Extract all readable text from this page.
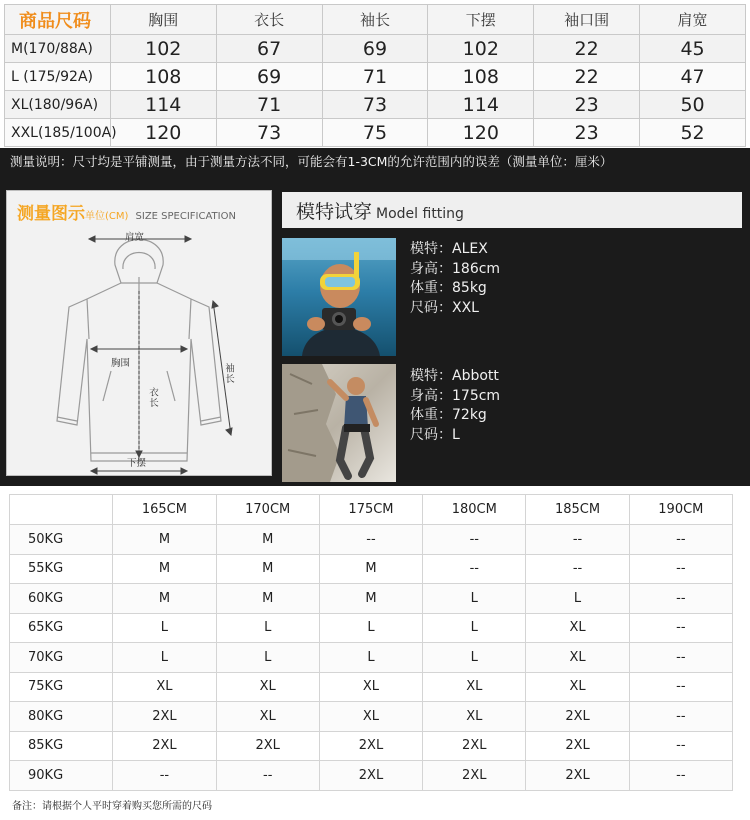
商品尺码	胸围	衣长	袖长	下摆	袖口围	肩宽
M(170/88A)	102	67	69	102	22	45
L (175/92A)	108	69	71	108	22	47
XL(180/96A)	114	71	73	114	23	50
XXL(185/100A)	120	73	75	120	23	52
测量说明：尺寸均是平铺测量，由于测量方法不同，可能会有1-3CM的允许范围内的误差（测量单位：厘米）
测量图示单位(CM) SIZE SPECIFICATION
肩宽
胸围
衣长
袖长
下摆
模特试穿 Model fitting
模特：ALEX
身高：186cm
体重：85kg
尺码：XXL
模特：Abbott
身高：175cm
体重：72kg
尺码：L
	165CM	170CM	175CM	180CM	185CM	190CM
50KG	M	M	--	--	--	--
55KG	M	M	M	--	--	--
60KG	M	M	M	L	L	--
65KG	L	L	L	L	XL	--
70KG	L	L	L	L	XL	--
75KG	XL	XL	XL	XL	XL	--
80KG	2XL	XL	XL	XL	2XL	--
85KG	2XL	2XL	2XL	2XL	2XL	--
90KG	--	--	2XL	2XL	2XL	--
备注：请根据个人平时穿着购买您所需的尺码
